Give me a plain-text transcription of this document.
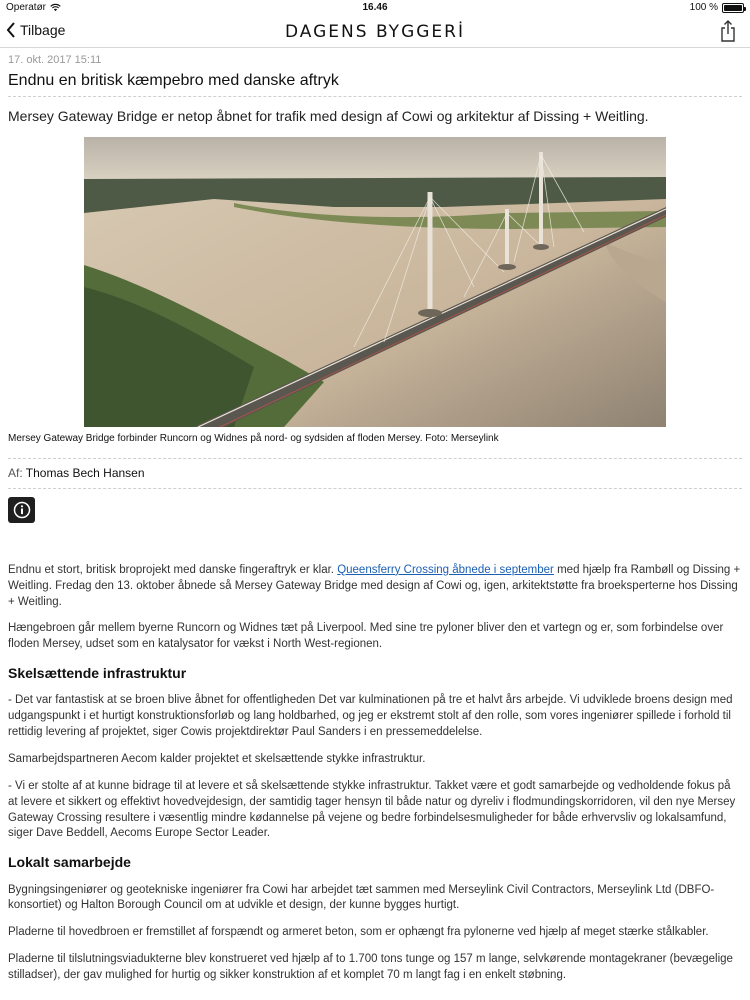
Operatør	16.46	100 %
Tilbage	DAGENS BYGGERİ
17. okt. 2017 15:11
Endnu en britisk kæmpebro med danske aftryk
Mersey Gateway Bridge er netop åbnet for trafik med design af Cowi og arkitektur af Dissing + Weitling.
Mersey Gateway Bridge forbinder Runcorn og Widnes på nord- og sydsiden af floden Mersey. Foto: Merseylink
Af: Thomas Bech Hansen

Endnu et stort, britisk broprojekt med danske fingeraftryk er klar. Queensferry Crossing åbnede i september med hjælp fra Rambøll og Dissing + Weitling. Fredag den 13. oktober åbnede så Mersey Gateway Bridge med design af Cowi og, igen, arkitektstøtte fra broeksperterne hos Dissing + Weitling.

Hængebroen går mellem byerne Runcorn og Widnes tæt på Liverpool. Med sine tre pyloner bliver den et vartegn og er, som forbindelse over floden Mersey, udset som en katalysator for vækst i North West-regionen.

Skelsættende infrastruktur

- Det var fantastisk at se broen blive åbnet for offentligheden Det var kulminationen på tre et halvt års arbejde. Vi udviklede broens design med udgangspunkt i et hurtigt konstruktionsforløb og lang holdbarhed, og jeg er ekstremt stolt af den rolle, som vores ingeniører spillede i forhold til rettidig levering af projektet, siger Cowis projektdirektør Paul Sanders i en pressemeddelelse.

Samarbejdspartneren Aecom kalder projektet et skelsættende stykke infrastruktur.

- Vi er stolte af at kunne bidrage til at levere et så skelsættende stykke infrastruktur. Takket være et godt samarbejde og vedholdende fokus på at levere et sikkert og effektivt hovedvejdesign, der samtidig tager hensyn til både natur og dyreliv i flodmundingskorridoren, vil den nye Mersey Gateway Crossing resultere i væsentlig mindre kødannelse på vejene og bedre forbindelsesmuligheder for både erhvervsliv og lokalsamfund, siger Dave Beddell, Aecoms Europe Sector Leader.

Lokalt samarbejde

Bygningsingeniører og geotekniske ingeniører fra Cowi har arbejdet tæt sammen med Merseylink Civil Contractors, Merseylink Ltd (DBFO-konsortiet) og Halton Borough Council om at udvikle et design, der kunne bygges hurtigt.

Pladerne til hovedbroen er fremstillet af forspændt og armeret beton, som er ophængt fra pylonerne ved hjælp af meget stærke stålkabler.

Pladerne til tilslutningsviadukterne blev konstrueret ved hjælp af to 1.700 tons tunge og 157 m lange, selvkørende montagekraner (bevægelige stilladser), der gav mulighed for hurtig og sikker konstruktion af et komplet 70 m langt fag i en enkelt støbning.
